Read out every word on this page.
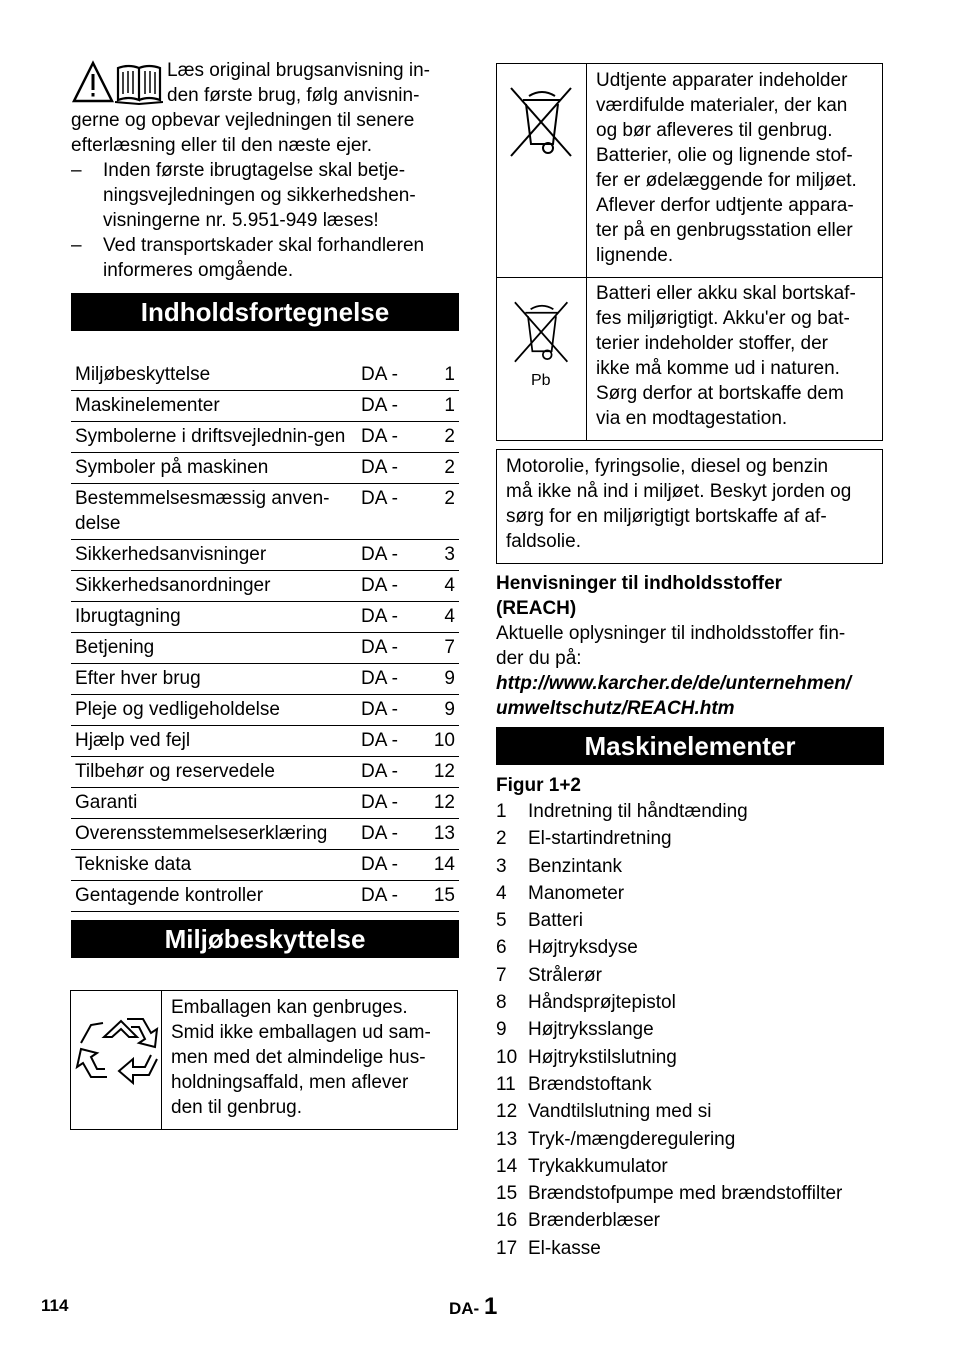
Læs original brugsanvisning in-
den første brug, følg anvisnin-
gerne og opbevar vejledningen til senere
efterlæsning eller til den næste ejer.
– Inden første ibrugtagelse skal betje-
ningsvejledningen og sikkerhedshen-
visningerne nr. 5.951-949 læses!
– Ved transportskader skal forhandleren
informeres omgående.
Indholdsfortegnelse
Miljøbeskyttelse	DA -	1
Maskinelementer	DA -	1
Symbolerne i driftsvejlednin-gen	DA -	2
Symboler på maskinen	DA -	2
Bestemmelsesmæssig anven-delse	DA -	2
Sikkerhedsanvisninger	DA -	3
Sikkerhedsanordninger	DA -	4
Ibrugtagning	DA -	4
Betjening	DA -	7
Efter hver brug	DA -	9
Pleje og vedligeholdelse	DA -	9
Hjælp ved fejl	DA -	10
Tilbehør og reservedele	DA -	12
Garanti	DA -	12
Overensstemmelseserklæring	DA -	13
Tekniske data	DA -	14
Gentagende kontroller	DA -	15
Miljøbeskyttelse
Emballagen kan genbruges.
Smid ikke emballagen ud sam-
men med det almindelige hus-
holdningsaffald, men aflever
den til genbrug.
Pb
Udtjente apparater indeholder
værdifulde materialer, der kan
og bør afleveres til genbrug.
Batterier, olie og lignende stof-
fer er ødelæggende for miljøet.
Aflever derfor udtjente appara-
ter på en genbrugsstation eller
lignende.
Batteri eller akku skal bortskaf-
fes miljørigtigt. Akku'er og bat-
terier indeholder stoffer, der
ikke må komme ud i naturen.
Sørg derfor at bortskaffe dem
via en modtagestation.
Motorolie, fyringsolie, diesel og benzin
må ikke nå ind i miljøet. Beskyt jorden og
sørg for en miljørigtigt bortskaffe af af-
faldsolie.
Henvisninger til indholdsstoffer
(REACH)
Aktuelle oplysninger til indholdsstoffer fin-
der du på:
http://www.karcher.de/de/unternehmen/
umweltschutz/REACH.htm
Maskinelementer
Figur 1+2
1 Indretning til håndtænding
2 El-startindretning
3 Benzintank
4 Manometer
5 Batteri
6 Højtryksdyse
7 Strålerør
8 Håndsprøjtepistol
9 Højtryksslange
10 Højtrykstilslutning
11 Brændstoftank
12 Vandtilslutning med si
13 Tryk-/mængderegulering
14 Trykakkumulator
15 Brændstofpumpe med brændstoffilter
16 Brænderblæser
17 El-kasse
114	DA- 1
